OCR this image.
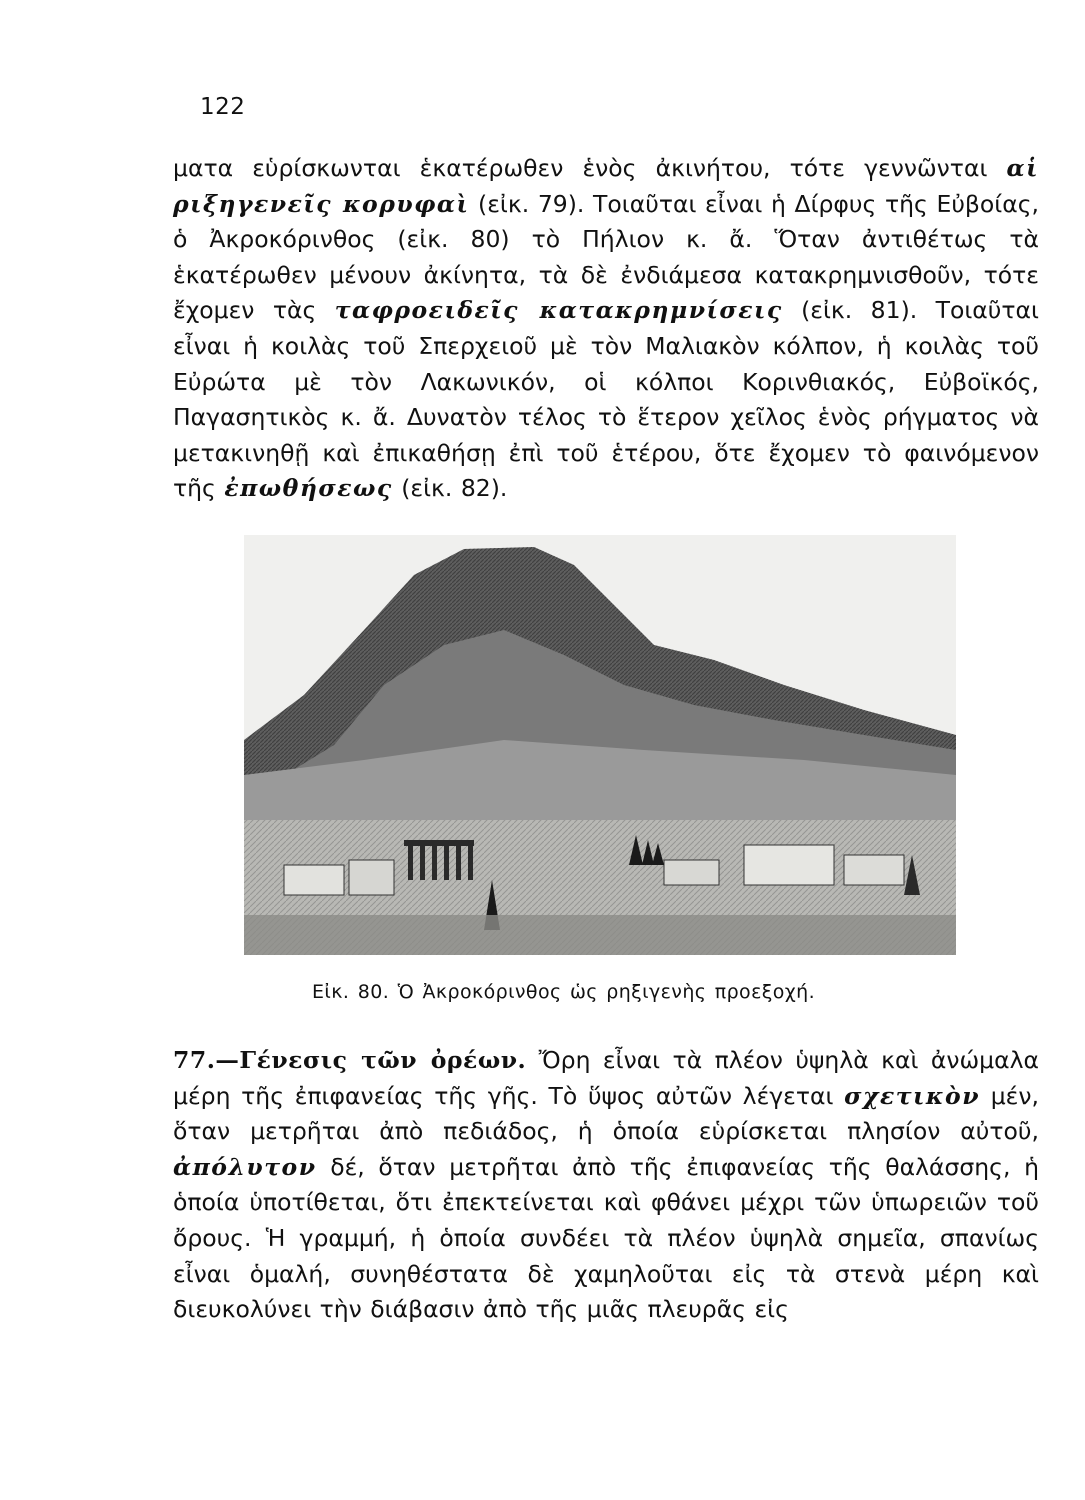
122
ματα εὑρίσκωνται ἑκατέρωθεν ἑνὸς ἀκινήτου, τότε γεννῶνται αἱ ριξηγενεῖς κορυφαὶ (εἰκ. 79). Τοιαῦται εἶναι ἡ Δίρφυς τῆς Εὐβοίας, ὁ Ἀκροκόρινθος (εἰκ. 80) τὸ Πήλιον κ. ἄ. Ὅταν ἀντιθέτως τὰ ἑκατέρωθεν μένουν ἀκίνητα, τὰ δὲ ἐνδιάμεσα κατακρημνισθοῦν, τότε ἔχομεν τὰς ταφροειδεῖς κατακρημνίσεις (εἰκ. 81). Τοιαῦται εἶναι ἡ κοιλὰς τοῦ Σπερχειοῦ μὲ τὸν Μαλιακὸν κόλπον, ἡ κοιλὰς τοῦ Εὐρώτα μὲ τὸν Λακωνικόν, οἱ κόλποι Κορινθιακός, Εὐβοϊκός, Παγασητικὸς κ. ἄ. Δυνατὸν τέλος τὸ ἕτερον χεῖλος ἑνὸς ρήγματος νὰ μετακινηθῇ καὶ ἐπικαθήσῃ ἐπὶ τοῦ ἑτέρου, ὅτε ἔχομεν τὸ φαινόμενον τῆς ἐπωθήσεως (εἰκ. 82).
Εἰκ. 80. Ὁ Ἀκροκόρινθος ὡς ρηξιγενὴς προεξοχή.
77.—Γένεσις τῶν ὀρέων. Ὄρη εἶναι τὰ πλέον ὑψηλὰ καὶ ἀνώμαλα μέρη τῆς ἐπιφανείας τῆς γῆς. Τὸ ὕψος αὐτῶν λέγεται σχετικὸν μέν, ὅταν μετρῆται ἀπὸ πεδιάδος, ἡ ὁποία εὑρίσκεται πλησίον αὐτοῦ, ἀπόλυτον δέ, ὅταν μετρῆται ἀπὸ τῆς ἐπιφανείας τῆς θαλάσσης, ἡ ὁποία ὑποτίθεται, ὅτι ἐπεκτείνεται καὶ φθάνει μέχρι τῶν ὑπωρειῶν τοῦ ὄρους. Ἡ γραμμή, ἡ ὁποία συνδέει τὰ πλέον ὑψηλὰ σημεῖα, σπανίως εἶναι ὁμαλή, συνηθέστατα δὲ χαμηλοῦται εἰς τὰ στενὰ μέρη καὶ διευκολύνει τὴν διάβασιν ἀπὸ τῆς μιᾶς πλευρᾶς εἰς
